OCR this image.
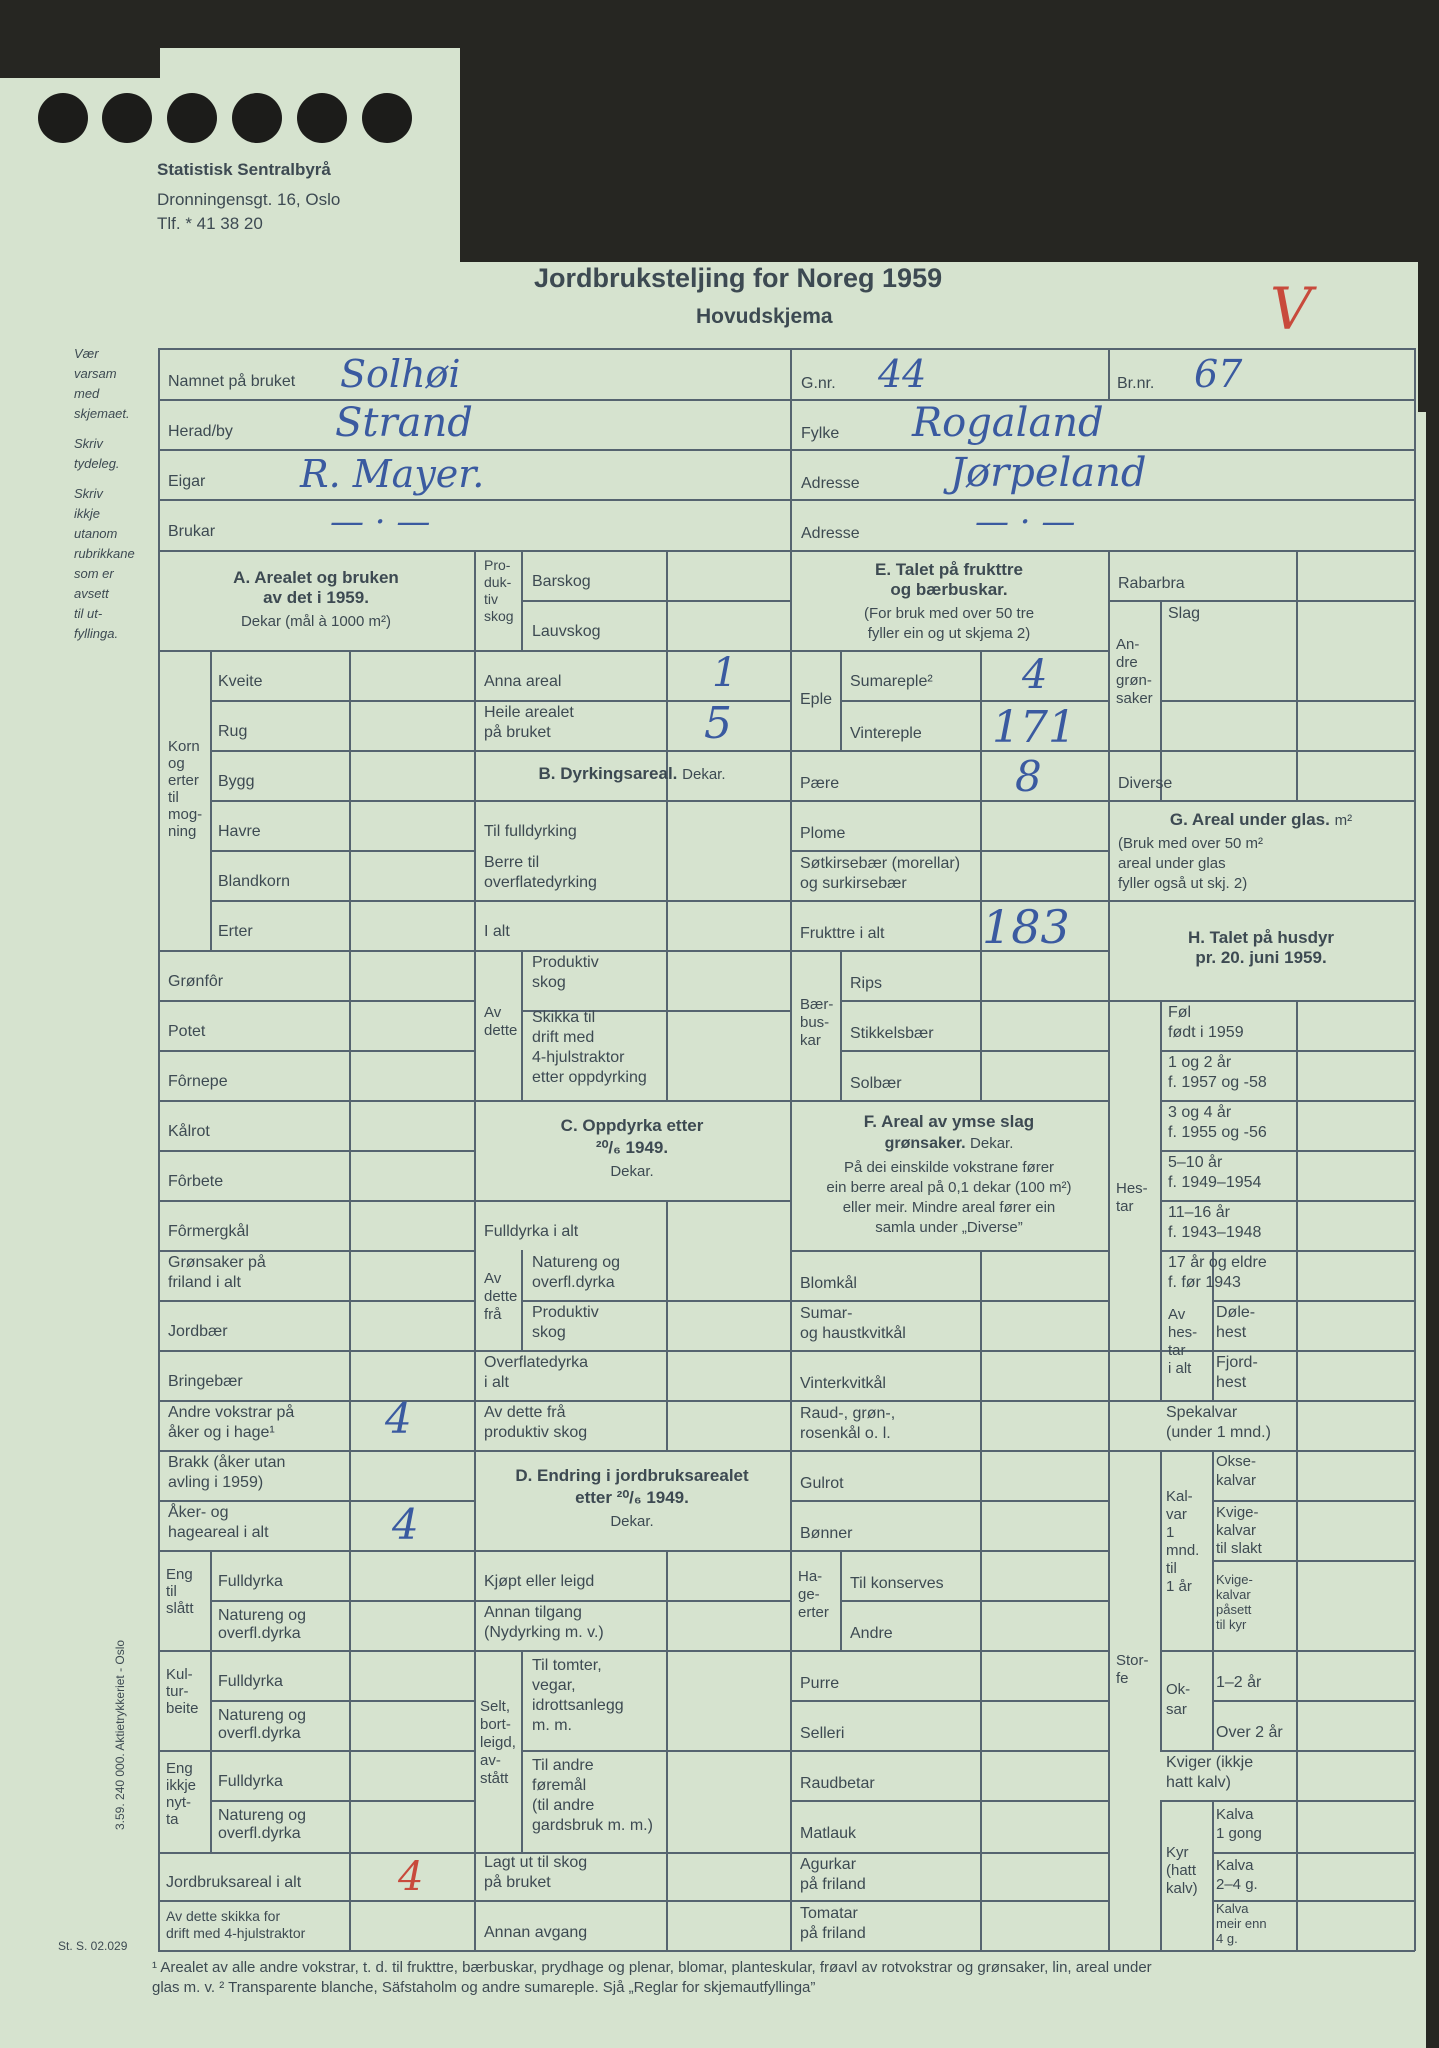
Statistisk Sentralbyrå
Dronningensgt. 16, Oslo
Tlf. * 41 38 20
Jordbruksteljing for Noreg 1959
Hovudskjema	V
Vær
varsam
med
skjemaet.
Skriv
tydeleg.
Skriv
ikkje
utanom
rubrikkane
som er
avsett
til ut-
fyllinga.
3.59. 240 000. Aktietrykkeriet - Oslo
St. S. 02.029
Namnet på bruket Solhøi
Herad/by	Strand
Eigar R. Mayer.
Brukar	— · —
G.nr. 44	Br.nr. 67
Fylke Rogaland
Adresse Jørpeland
Adresse	— · —
A. Arealet og bruken
av det i 1959.
Dekar (mål à 1000 m²)
Korn
og
erter
til
mog-
ning
Kveite
Rug
Bygg
Havre
Blandkorn
Erter
Grønfôr
Potet
Fôrnepe
Kålrot
Fôrbete
Fôrmergkål
Grønsaker på
friland i alt
Jordbær
Bringebær
Andre vokstrar på
åker og i hage¹	4
Brakk (åker utan
avling i 1959)
Åker- og
hageareal i alt	4
Eng
til
slått
Fulldyrka
Natureng og
overfl.dyrka
Kul-
tur-
beite
Fulldyrka
Natureng og
overfl.dyrka
Eng
ikkje
nyt-
ta
Fulldyrka
Natureng og
overfl.dyrka
Jordbruksareal i alt 4
Av dette skikka for
drift med 4-hjulstraktor
Pro-
duk-
tiv
skog
Barskog
Lauvskog
Anna areal	1
Heile arealet
på bruket	5
B. Dyrkingsareal. Dekar.
Til fulldyrking
Berre til
overflatedyrking
I alt
Av
dette
Produktiv
skog
Skikka til
drift med
4-hjulstraktor
etter oppdyrking
C. Oppdyrka etter
²⁰/₆ 1949.
Dekar.
Fulldyrka i alt
Av
dette
frå
Natureng og
overfl.dyrka
Produktiv
skog
Overflatedyrka
i alt
Av dette frå
produktiv skog
D. Endring i jordbruksarealet
etter ²⁰/₆ 1949.
Dekar.
Kjøpt eller leigd
Annan tilgang
(Nydyrking m. v.)
Selt,
bort-
leigd,
av-
stått
Til tomter,
vegar,
idrottsanlegg
m. m.
Til andre
føremål
(til andre
gardsbruk m. m.)
Lagt ut til skog
på bruket
Annan avgang
E. Talet på frukttre
og bærbuskar.
(For bruk med over 50 tre
fyller ein og ut skjema 2)
Eple
Sumareple² 4
Vintereple 171
Pære	8
Plome
Søtkirsebær (morellar)
og surkirsebær
Frukttre i alt 183
Bær-
bus-
kar
Rips
Stikkelsbær
Solbær
F. Areal av ymse slag
grønsaker. Dekar.
På dei einskilde vokstrane fører
ein berre areal på 0,1 dekar (100 m²)
eller meir. Mindre areal fører ein
samla under „Diverse”
Blomkål
Sumar-
og haustkvitkål
Vinterkvitkål
Raud-, grøn-,
rosenkål o. l.
Gulrot
Bønner
Ha-
ge-
erter
Til konserves
Andre
Purre
Selleri
Raudbetar
Matlauk
Agurkar
på friland
Tomatar
på friland
Rabarbra
An-
dre
grøn-
saker
Slag
Diverse
G. Areal under glas. m²
(Bruk med over 50 m²
areal under glas
fyller også ut skj. 2)
H. Talet på husdyr
pr. 20. juni 1959.
Hes-
tar
Føl
født i 1959
1 og 2 år
f. 1957 og -58
3 og 4 år
f. 1955 og -56
5–10 år
f. 1949–1954
11–16 år
f. 1943–1948
17 år og eldre
f. før 1943
Av
hes-
tar
i alt
Døle-
hest
Fjord-
hest
Spekalvar
(under 1 mnd.)
Stor-
fe
Kal-
var
1
mnd.
til
1 år
Okse-
kalvar
Kvige-
kalvar
til slakt
Kvige-
kalvar
påsett
til kyr
Ok-
sar
1–2 år
Over 2 år
Kviger (ikkje
hatt kalv)
Kyr
(hatt
kalv)
Kalva
1 gong
Kalva
2–4 g.
Kalva
meir enn
4 g.
¹ Arealet av alle andre vokstrar, t. d. til frukttre, bærbuskar, prydhage og plenar, blomar, planteskular, frøavl av rotvokstrar og grønsaker, lin, areal under
glas m. v. ² Transparente blanche, Säfstaholm og andre sumareple. Sjå „Reglar for skjemautfyllinga”
